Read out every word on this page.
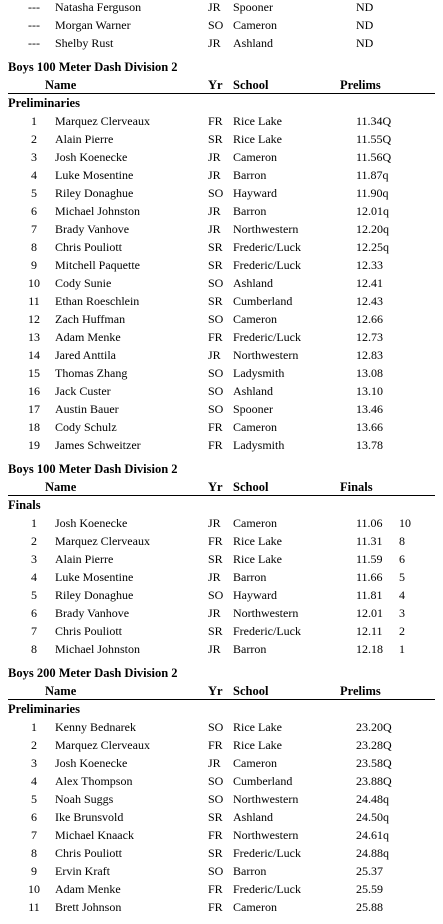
---	Natasha Ferguson	JR Spooner	ND
---	Morgan Warner	SO Cameron	ND
---	Shelby Rust	JR Ashland	ND
Boys 100 Meter Dash Division 2
Name	Yr School	Prelims
Preliminaries
1	Marquez Clerveaux	FR Rice Lake	11.34Q
2	Alain Pierre	SR Rice Lake	11.55Q
3	Josh Koenecke	JR Cameron	11.56Q
4	Luke Mosentine	JR Barron	11.87q
5	Riley Donaghue	SO Hayward	11.90q
6	Michael Johnston	JR Barron	12.01q
7	Brady Vanhove	JR Northwestern	12.20q
8	Chris Pouliott	SR Frederic/Luck	12.25q
9	Mitchell Paquette	SR Frederic/Luck	12.33
10	Cody Sunie	SO Ashland	12.41
11	Ethan Roeschlein	SR Cumberland	12.43
12	Zach Huffman	SO Cameron	12.66
13	Adam Menke	FR Frederic/Luck	12.73
14	Jared Anttila	JR Northwestern	12.83
15	Thomas Zhang	SO Ladysmith	13.08
16	Jack Custer	SO Ashland	13.10
17	Austin Bauer	SO Spooner	13.46
18	Cody Schulz	FR Cameron	13.66
19	James Schweitzer	FR Ladysmith	13.78
Boys 100 Meter Dash Division 2
Name	Yr School	Finals
Finals
1	Josh Koenecke	JR Cameron	11.06 10
2	Marquez Clerveaux	FR Rice Lake	11.31 8
3	Alain Pierre	SR Rice Lake	11.59 6
4	Luke Mosentine	JR Barron	11.66 5
5	Riley Donaghue	SO Hayward	11.81 4
6	Brady Vanhove	JR Northwestern	12.01 3
7	Chris Pouliott	SR Frederic/Luck	12.11 2
8	Michael Johnston	JR Barron	12.18 1
Boys 200 Meter Dash Division 2
Name	Yr School	Prelims
Preliminaries
1	Kenny Bednarek	SO Rice Lake	23.20Q
2	Marquez Clerveaux	FR Rice Lake	23.28Q
3	Josh Koenecke	JR Cameron	23.58Q
4	Alex Thompson	SO Cumberland	23.88Q
5	Noah Suggs	SO Northwestern	24.48q
6	Ike Brunsvold	SR Ashland	24.50q
7	Michael Knaack	FR Northwestern	24.61q
8	Chris Pouliott	SR Frederic/Luck	24.88q
9	Ervin Kraft	SO Barron	25.37
10	Adam Menke	FR Frederic/Luck	25.59
11	Brett Johnson	FR Cameron	25.88
